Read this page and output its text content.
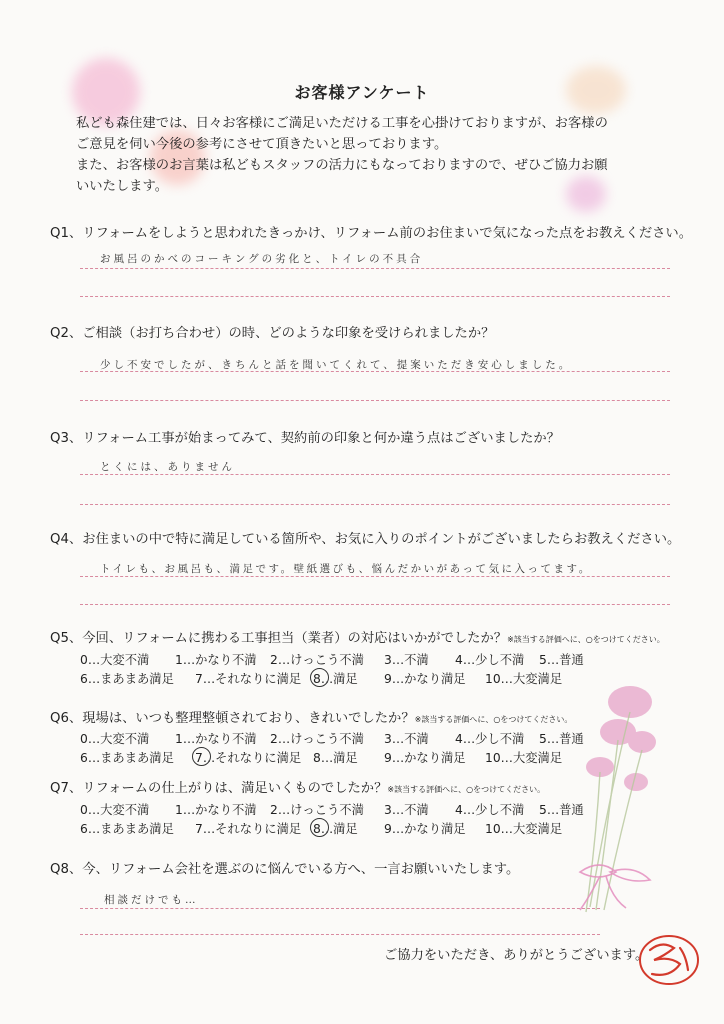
お客様アンケート
私ども森住建では、日々お客様にご満足いただける工事を心掛けておりますが、お客様の
ご意見を伺い今後の参考にさせて頂きたいと思っております。
また、お客様のお言葉は私どもスタッフの活力にもなっておりますので、ぜひご協力お願
いいたします。
Q1、リフォームをしようと思われたきっかけ、リフォーム前のお住まいで気になった点をお教えください。
お風呂のかべのコーキングの劣化と、トイレの不具合
Q2、ご相談（お打ち合わせ）の時、どのような印象を受けられましたか？
少し不安でしたが、きちんと話を聞いてくれて、提案いただき安心しました。
Q3、リフォーム工事が始まってみて、契約前の印象と何か違う点はございましたか？
とくには、ありません
Q4、お住まいの中で特に満足している箇所や、お気に入りのポイントがございましたらお教えください。
トイレも、お風呂も、満足です。壁紙選びも、悩んだかいがあって気に入ってます。
Q5、今回、リフォームに携わる工事担当（業者）の対応はいかがでしたか？※該当する評価へに、○をつけてください。
0…大変不満 1…かなり不満 2…けっこう不満 3…不満 4…少し不満 5…普通
6…まあまあ満足 7…それなりに満足 8…満足 9…かなり満足 10…大変満足
Q6、現場は、いつも整理整頓されており、きれいでしたか？※該当する評価へに、○をつけてください。
0…大変不満 1…かなり不満 2…けっこう不満 3…不満 4…少し不満 5…普通
6…まあまあ満足 7…それなりに満足 8…満足 9…かなり満足 10…大変満足
Q7、リフォームの仕上がりは、満足いくものでしたか？※該当する評価へに、○をつけてください。
0…大変不満 1…かなり不満 2…けっこう不満 3…不満 4…少し不満 5…普通
6…まあまあ満足 7…それなりに満足 8…満足 9…かなり満足 10…大変満足
Q8、今、リフォーム会社を選ぶのに悩んでいる方へ、一言お願いいたします。
相談だけでも…
ご協力をいただき、ありがとうございます。
